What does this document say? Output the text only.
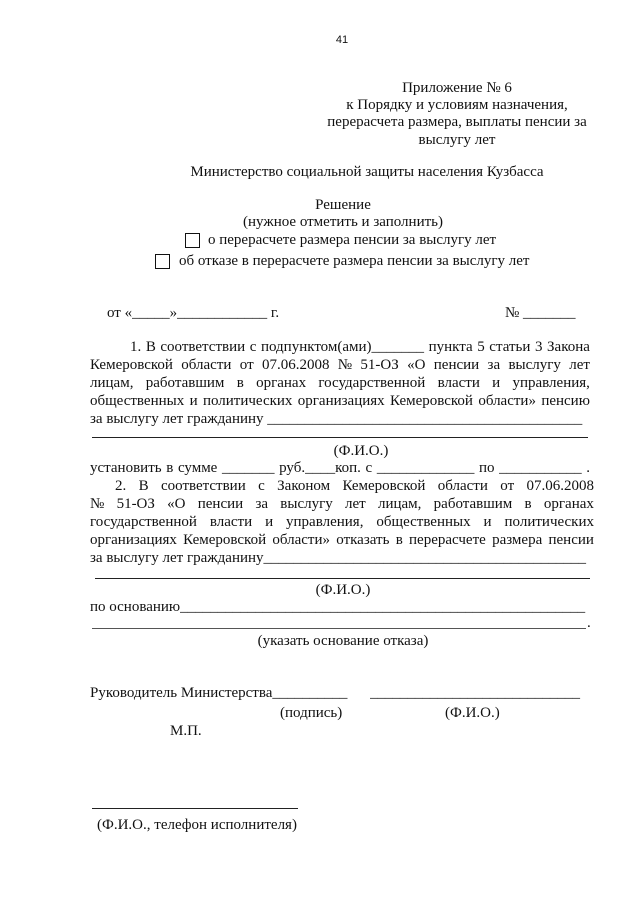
41
Приложение № 6
к Порядку и условиям назначения,
перерасчета размера, выплаты пенсии за
выслугу лет
Министерство социальной защиты населения Кузбасса
Решение
(нужное отметить и заполнить)
о перерасчете размера пенсии за выслугу лет
об отказе в перерасчете размера пенсии за выслугу лет
от «_____»____________ г.	№ _______
1. В соответствии с подпунктом(ами)_______ пункта 5 статьи 3 Закона
Кемеровской области от 07.06.2008 № 51-ОЗ «О пенсии за выслугу лет
лицам, работавшим в органах государственной власти и управления,
общественных и политических организациях Кемеровской области» пенсию
за выслугу лет гражданину __________________________________________
(Ф.И.О.)
установить в сумме _______ руб.____коп. с _____________ по ___________ .
2. В соответствии с Законом Кемеровской области от 07.06.2008
№ 51-ОЗ «О пенсии за выслугу лет лицам, работавшим в органах
государственной власти и управления, общественных и политических
организациях Кемеровской области» отказать в перерасчете размера пенсии
за выслугу лет гражданину___________________________________________
(Ф.И.О.)
по основанию______________________________________________________
.
(указать основание отказа)
Руководитель Министерства__________	____________________________
(подпись)	(Ф.И.О.)
М.П.
(Ф.И.О., телефон исполнителя)
